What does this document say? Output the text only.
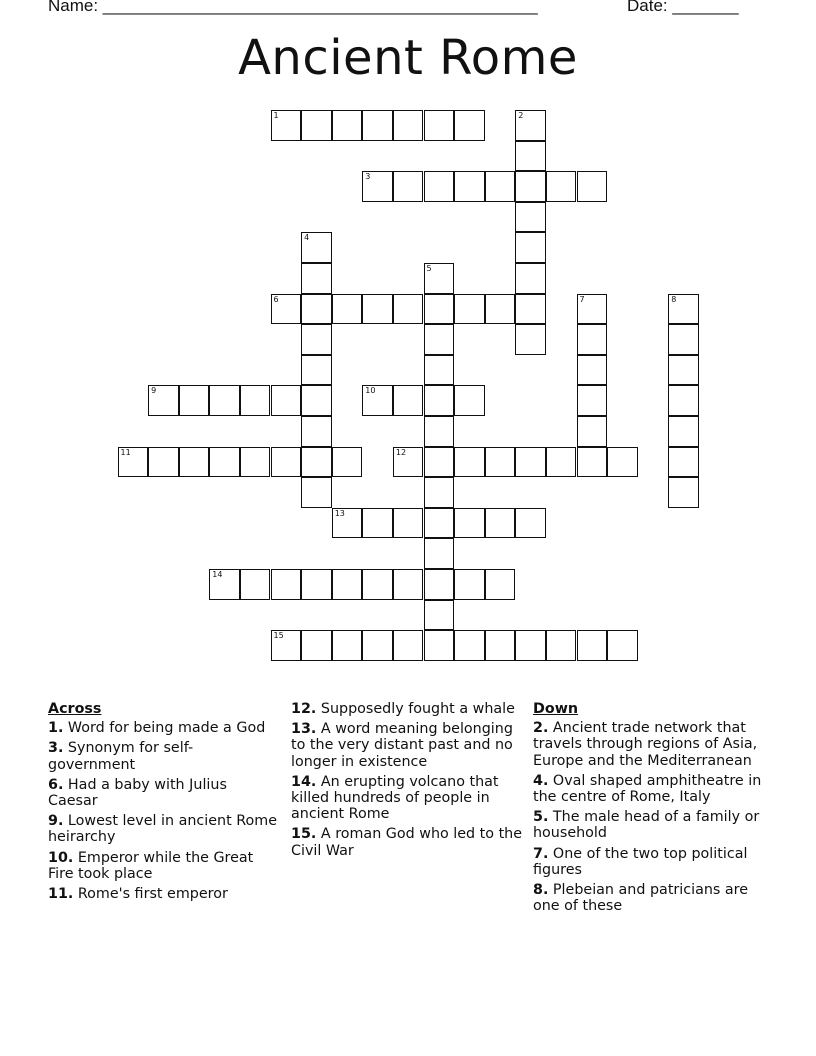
Name: ______________________________________________	Date: _______
Ancient Rome
1	2
3
4
5
6	7	8
9	10
11	12
13
14
15
Across
1. Word for being made a God
3. Synonym for self-government
6. Had a baby with Julius Caesar
9. Lowest level in ancient Rome heirarchy
10. Emperor while the Great Fire took place
11. Rome's first emperor
12. Supposedly fought a whale
13. A word meaning belonging to the very distant past and no longer in existence
14. An erupting volcano that killed hundreds of people in ancient Rome
15. A roman God who led to the Civil War
Down
2. Ancient trade network that travels through regions of Asia, Europe and the Mediterranean
4. Oval shaped amphitheatre in the centre of Rome, Italy
5. The male head of a family or household
7. One of the two top political figures
8. Plebeian and patricians are one of these
